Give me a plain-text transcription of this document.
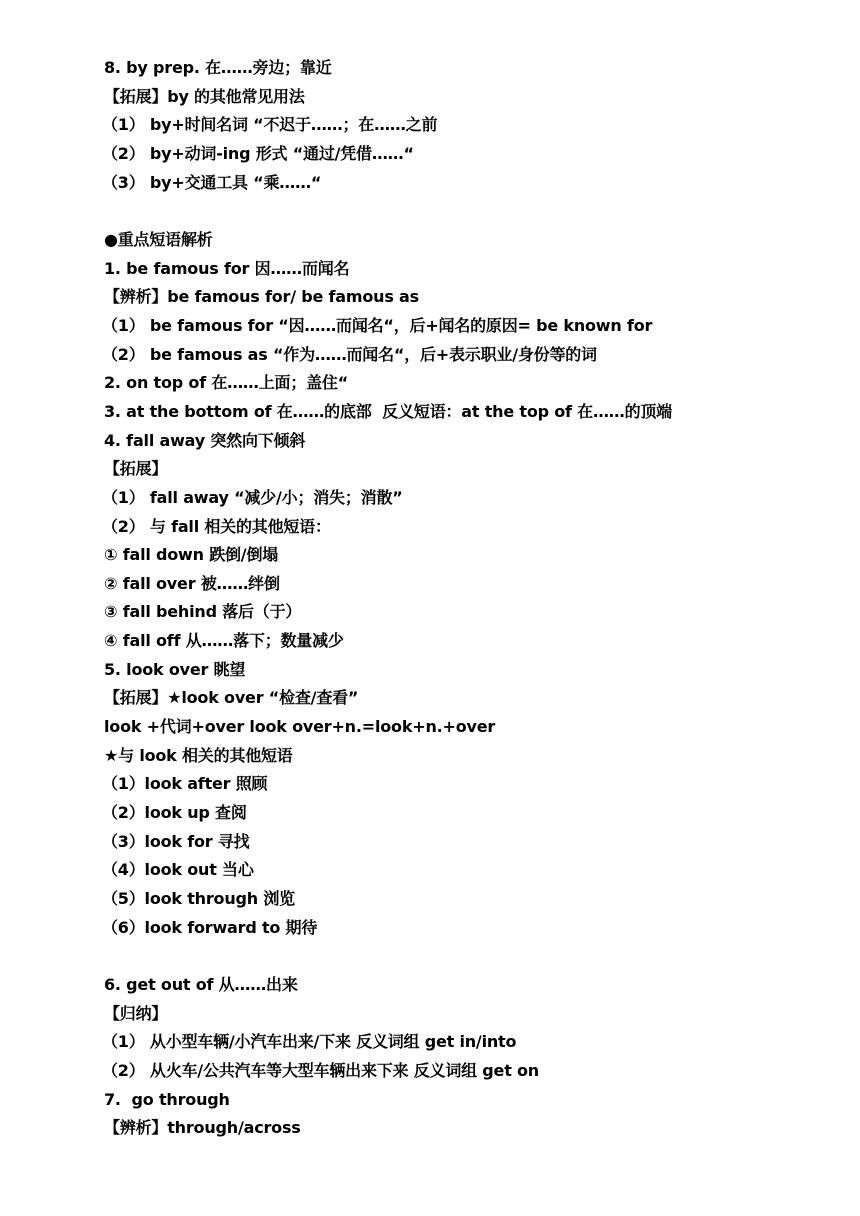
8. by prep. 在……旁边；靠近
【拓展】by 的其他常见用法
（1） by+时间名词 “不迟于……；在……之前
（2） by+动词-ing 形式 “通过/凭借……“
（3） by+交通工具 “乘……“
●重点短语解析
1. be famous for 因……而闻名
【辨析】be famous for/ be famous as
（1） be famous for “因……而闻名“，后+闻名的原因= be known for
（2） be famous as “作为……而闻名“，后+表示职业/身份等的词
2. on top of 在……上面；盖住“
3. at the bottom of 在……的底部  反义短语：at the top of 在……的顶端
4. fall away 突然向下倾斜
【拓展】
（1） fall away “减少/小；消失；消散”
（2） 与 fall 相关的其他短语：
① fall down 跌倒/倒塌
② fall over 被……绊倒
③ fall behind 落后（于）
④ fall off 从……落下；数量减少
5. look over 眺望
【拓展】★look over “检查/查看”
look +代词+over look over+n.=look+n.+over
★与 look 相关的其他短语
（1）look after 照顾
（2）look up 查阅
（3）look for 寻找
（4）look out 当心
（5）look through 浏览
（6）look forward to 期待
6. get out of 从……出来
【归纳】
（1） 从小型车辆/小汽车出来/下来 反义词组 get in/into
（2） 从火车/公共汽车等大型车辆出来下来 反义词组 get on
7.  go through
【辨析】through/across
